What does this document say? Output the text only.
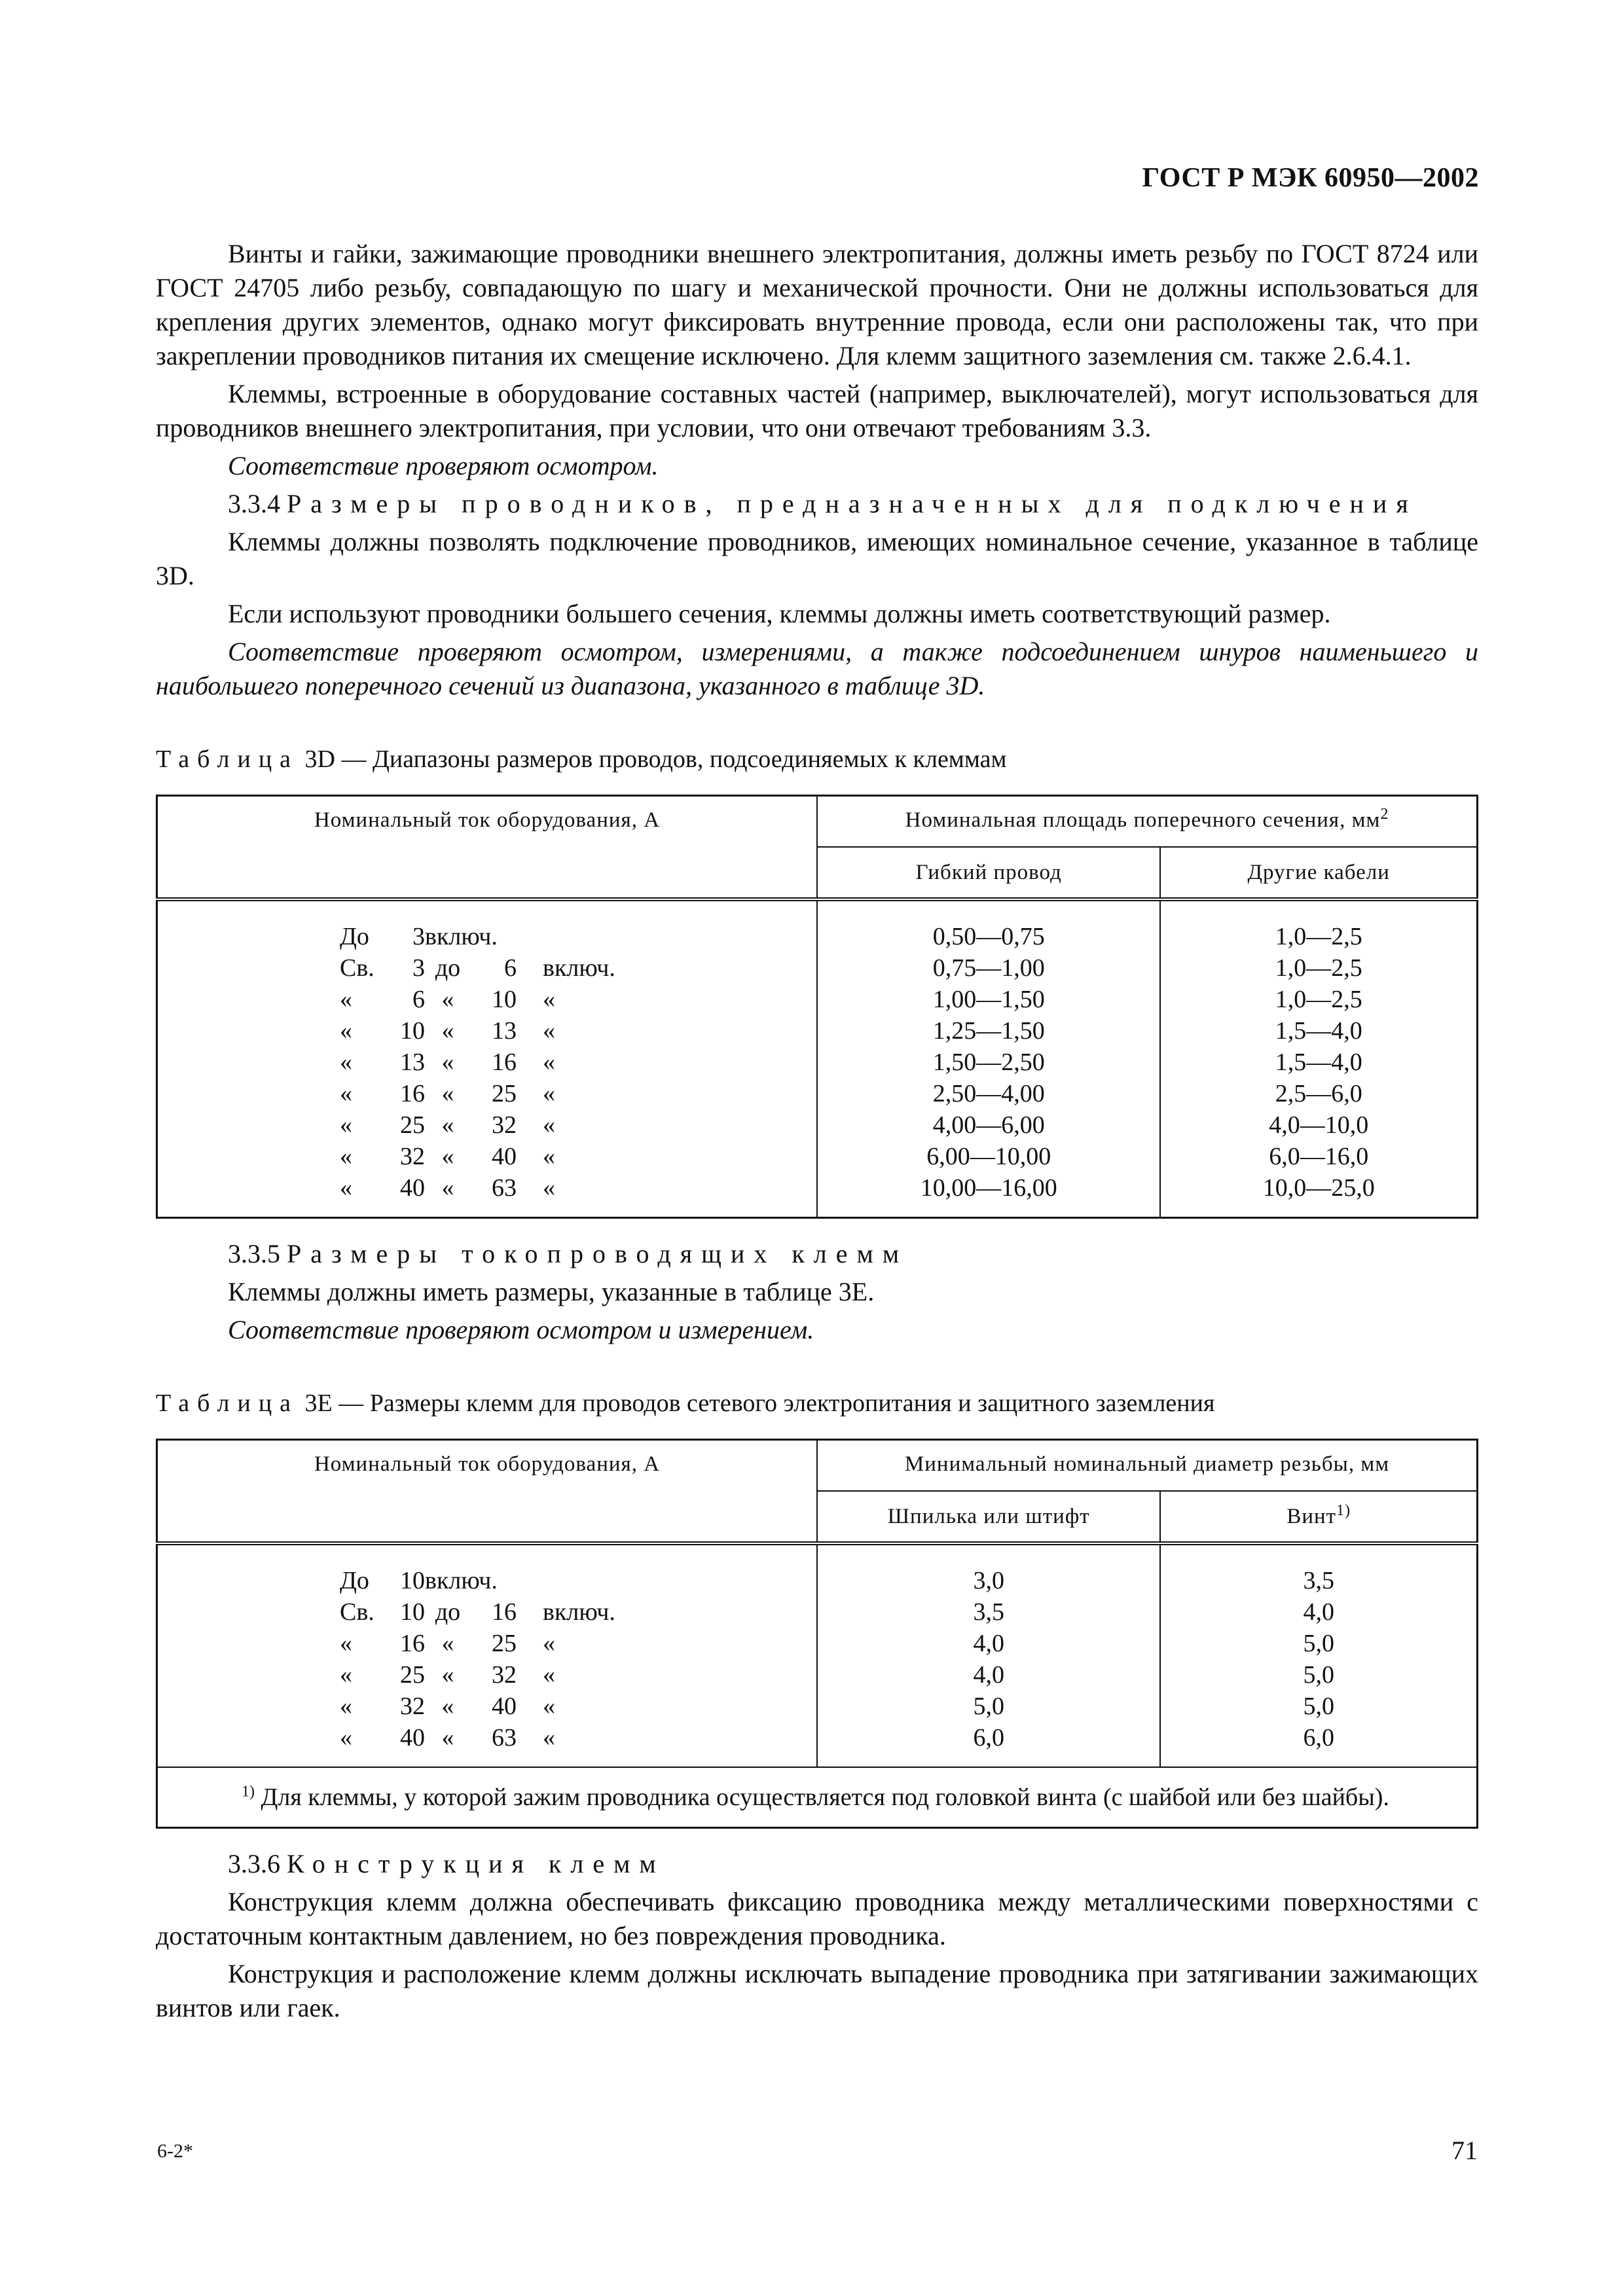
ГОСТ Р МЭК 60950—2002

Винты и гайки, зажимающие проводники внешнего электропитания, должны иметь резьбу по ГОСТ 8724 или ГОСТ 24705 либо резьбу, совпадающую по шагу и механической прочности. Они не должны использоваться для крепления других элементов, однако могут фиксировать внутренние провода, если они расположены так, что при закреплении проводников питания их смещение исключено. Для клемм защитного заземления см. также 2.6.4.1.

Клеммы, встроенные в оборудование составных частей (например, выключателей), могут использоваться для проводников внешнего электропитания, при условии, что они отвечают требованиям 3.3.

Соответствие проверяют осмотром.

3.3.4 Размеры проводников, предназначенных для подключения

Клеммы должны позволять подключение проводников, имеющих номинальное сечение, указанное в таблице 3D.

Если используют проводники большего сечения, клеммы должны иметь соответствующий размер.

Соответствие проверяют осмотром, измерениями, а также подсоединением шнуров наименьшего и наибольшего поперечного сечений из диапазона, указанного в таблице 3D.

Таблица 3D — Диапазоны размеров проводов, подсоединяемых к клеммам

Номинальный ток оборудования, А	Номинальная площадь поперечного сечения, $мм^2$
	Гибкий провод	Другие кабели
До 3включ.	0,50—0,75	1,0—2,5
Св. 3 до 6 включ.	0,75—1,00	1,0—2,5
« 6 « 10 «	1,00—1,50	1,0—2,5
« 10 « 13 «	1,25—1,50	1,5—4,0
« 13 « 16 «	1,50—2,50	1,5—4,0
« 16 « 25 «	2,50—4,00	2,5—6,0
« 25 « 32 «	4,00—6,00	4,0—10,0
« 32 « 40 «	6,00—10,00	6,0—16,0
« 40 « 63 «	10,00—16,00	10,0—25,0

3.3.5 Размеры токопроводящих клемм

Клеммы должны иметь размеры, указанные в таблице 3E.

Соответствие проверяют осмотром и измерением.

Таблица 3E — Размеры клемм для проводов сетевого электропитания и защитного заземления

Номинальный ток оборудования, А	Минимальный номинальный диаметр резьбы, мм	
	Шпилька или штифт	Винт$^{1)}$
До 10включ.	3,0	3,5
Св. 10 до 16 включ.	3,5	4,0
« 16 « 25 «	4,0	5,0
« 25 « 32 «	4,0	5,0
« 32 « 40 «	5,0	5,0
« 40 « 63 «	6,0	6,0
$^{1)}$ Для клеммы, у которой зажим проводника осуществляется под головкой винта (с шайбой или без шайбы).		

3.3.6 Конструкция клемм

Конструкция клемм должна обеспечивать фиксацию проводника между металлическими поверхностями с достаточным контактным давлением, но без повреждения проводника.

Конструкция и расположение клемм должны исключать выпадение проводника при затягивании зажимающих винтов или гаек.

6-2*	71
